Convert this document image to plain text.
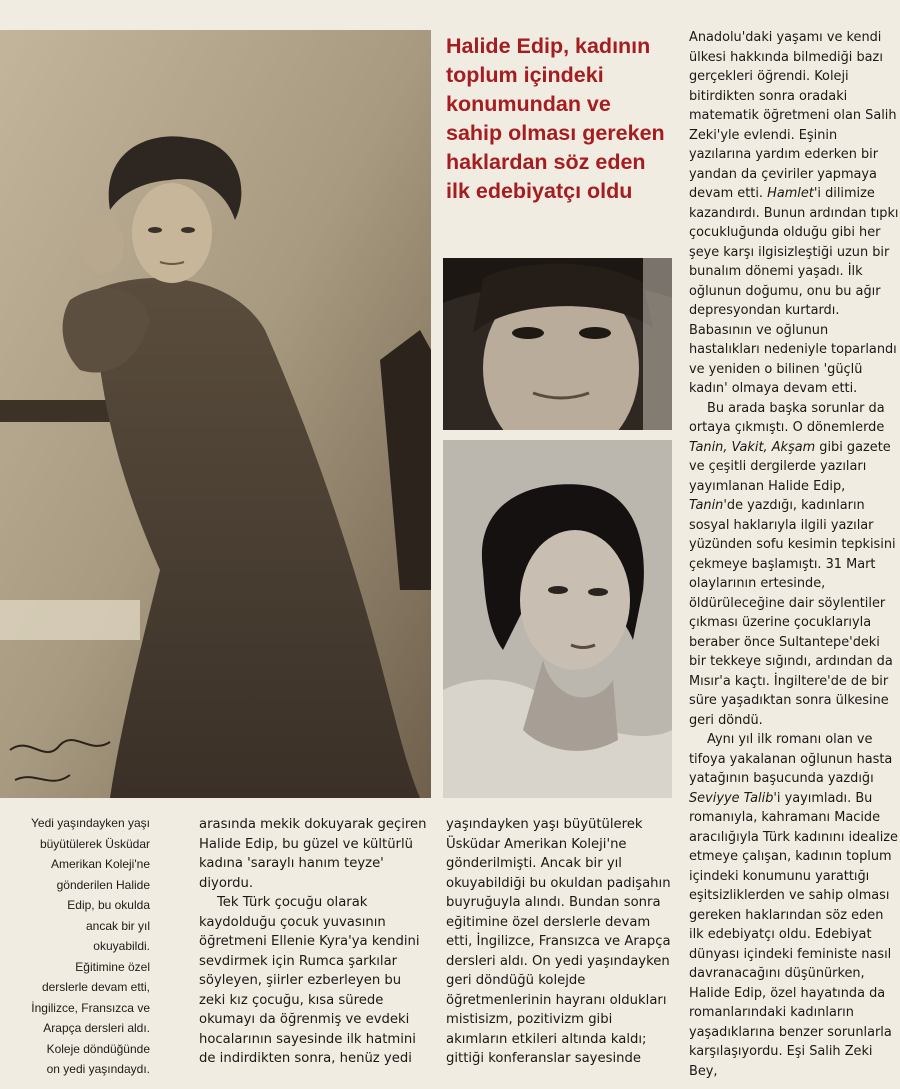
Halide Edip, kadının toplum içindeki konumundan ve sahip olması gereken haklardan söz eden ilk edebiyatçı oldu
Yedi yaşındayken yaşı
büyütülerek Üsküdar
Amerikan Koleji'ne
gönderilen Halide
Edip, bu okulda
ancak bir yıl
okuyabildi.
Eğitimine özel
derslerle devam etti,
İngilizce, Fransızca ve
Arapça dersleri aldı.
Koleje döndüğünde
on yedi yaşındaydı.

arasında mekik dokuyarak geçiren Halide Edip, bu güzel ve kültürlü kadına 'saraylı hanım teyze' diyordu.

Tek Türk çocuğu olarak kaydolduğu çocuk yuvasının öğretmeni Ellenie Kyra'ya kendini sevdirmek için Rumca şarkılar söyleyen, şiirler ezberleyen bu zeki kız çocuğu, kısa sürede okumayı da öğrenmiş ve evdeki hocalarının sayesinde ilk hatmini de indirdikten sonra, henüz yedi

yaşındayken yaşı büyütülerek Üsküdar Amerikan Koleji'ne gönderilmişti. Ancak bir yıl okuyabildiği bu okuldan padişahın buyruğuyla alındı. Bundan sonra eğitimine özel derslerle devam etti, İngilizce, Fransızca ve Arapça dersleri aldı. On yedi yaşındayken geri döndüğü kolejde öğretmenlerinin hayranı oldukları mistisizm, pozitivizm gibi akımların etkileri altında kaldı; gittiği konferanslar sayesinde

Anadolu'daki yaşamı ve kendi ülkesi hakkında bilmediği bazı gerçekleri öğrendi. Koleji bitirdikten sonra oradaki matematik öğretmeni olan Salih Zeki'yle evlendi. Eşinin yazılarına yardım ederken bir yandan da çeviriler yapmaya devam etti. Hamlet'i dilimize kazandırdı. Bunun ardından tıpkı çocukluğunda olduğu gibi her şeye karşı ilgisizleştiği uzun bir bunalım dönemi yaşadı. İlk oğlunun doğumu, onu bu ağır depresyondan kurtardı. Babasının ve oğlunun hastalıkları nedeniyle toparlandı ve yeniden o bilinen 'güçlü kadın' olmaya devam etti.

Bu arada başka sorunlar da ortaya çıkmıştı. O dönemlerde Tanin, Vakit, Akşam gibi gazete ve çeşitli dergilerde yazıları yayımlanan Halide Edip, Tanin'de yazdığı, kadınların sosyal haklarıyla ilgili yazılar yüzünden sofu kesimin tepkisini çekmeye başlamıştı. 31 Mart olaylarının ertesinde, öldürüleceğine dair söylentiler çıkması üzerine çocuklarıyla beraber önce Sultantepe'deki bir tekkeye sığındı, ardından da Mısır'a kaçtı. İngiltere'de de bir süre yaşadıktan sonra ülkesine geri döndü.

Aynı yıl ilk romanı olan ve tifoya yakalanan oğlunun hasta yatağının başucunda yazdığı Seviyye Talib'i yayımladı. Bu romanıyla, kahramanı Macide aracılığıyla Türk kadınını idealize etmeye çalışan, kadının toplum içindeki konumunu yarattığı eşitsizliklerden ve sahip olması gereken haklarından söz eden ilk edebiyatçı oldu. Edebiyat dünyası içindeki feministe nasıl davranacağını düşünürken, Halide Edip, özel hayatında da romanlarındaki kadınların yaşadıklarına benzer sorunlarla karşılaşıyordu. Eşi Salih Zeki Bey,
